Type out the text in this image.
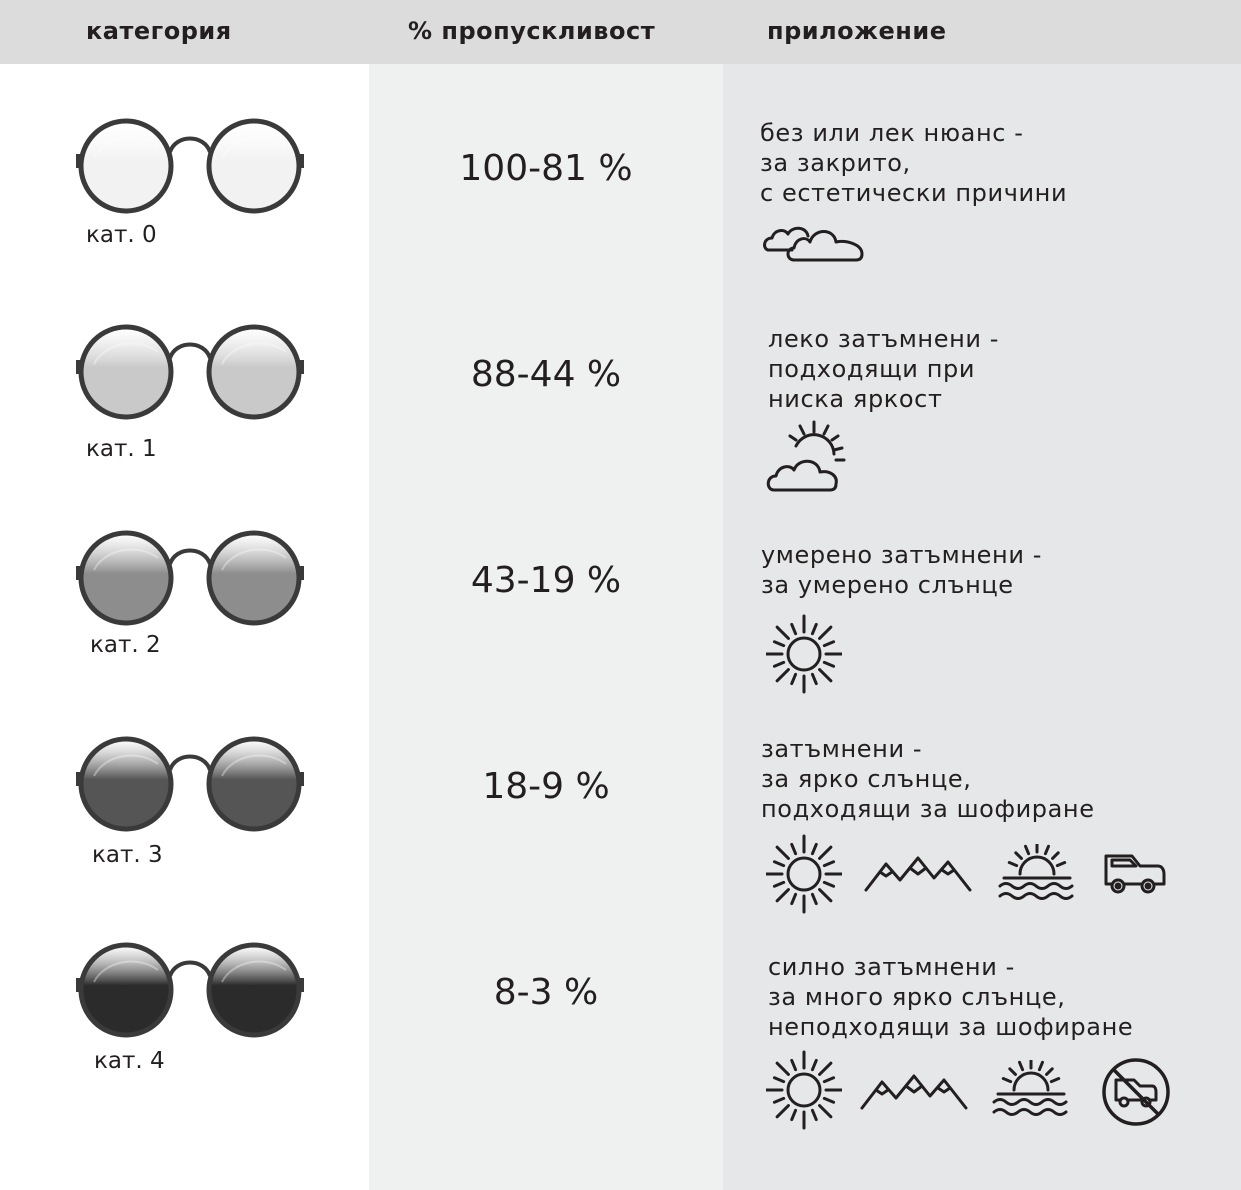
категория	% пропускливост	приложение
кат. 0
100-81 %
без или лек нюанс -
за закрито,
с естетически причини
кат. 1
88-44 %
леко затъмнени -
подходящи при
ниска яркост
кат. 2
43-19 %
умерено затъмнени -
за умерено слънце
кат. 3
18-9 %
затъмнени -
за ярко слънце,
подходящи за шофиране
кат. 4
8-3 %
силно затъмнени -
за много ярко слънце,
неподходящи за шофиране
